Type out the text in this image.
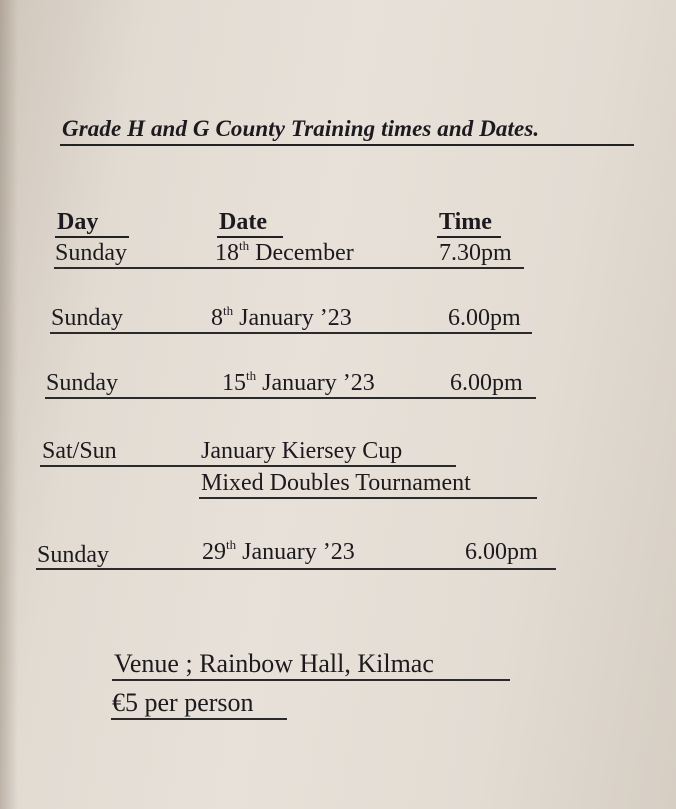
Grade H and G County Training times and Dates.
Day	Date	Time
Sunday	18th December	7.30pm
Sunday	8th January ’23	6.00pm
Sunday	15th January ’23	6.00pm
Sat/Sun	January Kiersey Cup
Mixed Doubles Tournament
Sunday	29th January ’23	6.00pm
Venue ; Rainbow Hall, Kilmac
€5 per person
